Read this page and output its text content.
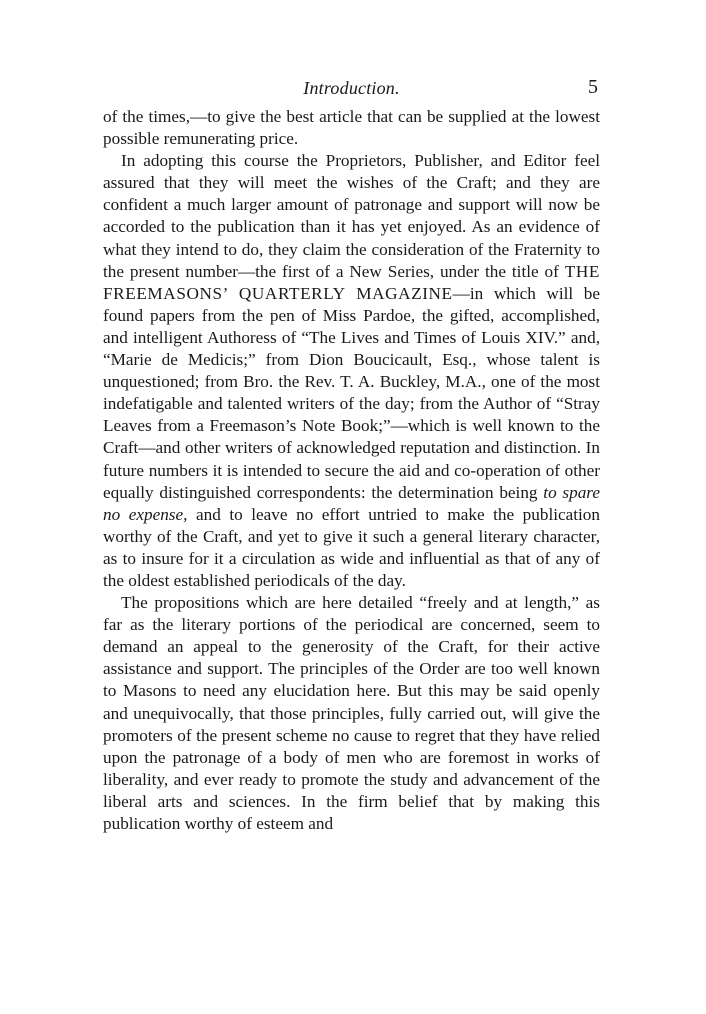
Introduction.	5

of the times,—to give the best article that can be supplied at the lowest possible remunerating price.

In adopting this course the Proprietors, Publisher, and Editor feel assured that they will meet the wishes of the Craft; and they are confident a much larger amount of patronage and support will now be accorded to the publication than it has yet enjoyed. As an evidence of what they intend to do, they claim the consideration of the Fraternity to the present number—the first of a New Series, under the title of THE FREEMASONS’ QUARTERLY MAGAZINE—in which will be found papers from the pen of Miss Pardoe, the gifted, accomplished, and intelligent Authoress of “The Lives and Times of Louis XIV.” and, “Marie de Medicis;” from Dion Boucicault, Esq., whose talent is unquestioned; from Bro. the Rev. T. A. Buckley, M.A., one of the most indefatigable and talented writers of the day; from the Author of “Stray Leaves from a Freemason’s Note Book;”—which is well known to the Craft—and other writers of acknowledged reputation and distinction. In future numbers it is intended to secure the aid and co-operation of other equally distinguished correspondents: the determination being to spare no expense, and to leave no effort untried to make the publication worthy of the Craft, and yet to give it such a general literary character, as to insure for it a circulation as wide and influential as that of any of the oldest established periodicals of the day.

The propositions which are here detailed “freely and at length,” as far as the literary portions of the periodical are concerned, seem to demand an appeal to the generosity of the Craft, for their active assistance and support. The principles of the Order are too well known to Masons to need any elucidation here. But this may be said openly and unequivocally, that those principles, fully carried out, will give the promoters of the present scheme no cause to regret that they have relied upon the patronage of a body of men who are foremost in works of liberality, and ever ready to promote the study and advancement of the liberal arts and sciences. In the firm belief that by making this publication worthy of esteem and
